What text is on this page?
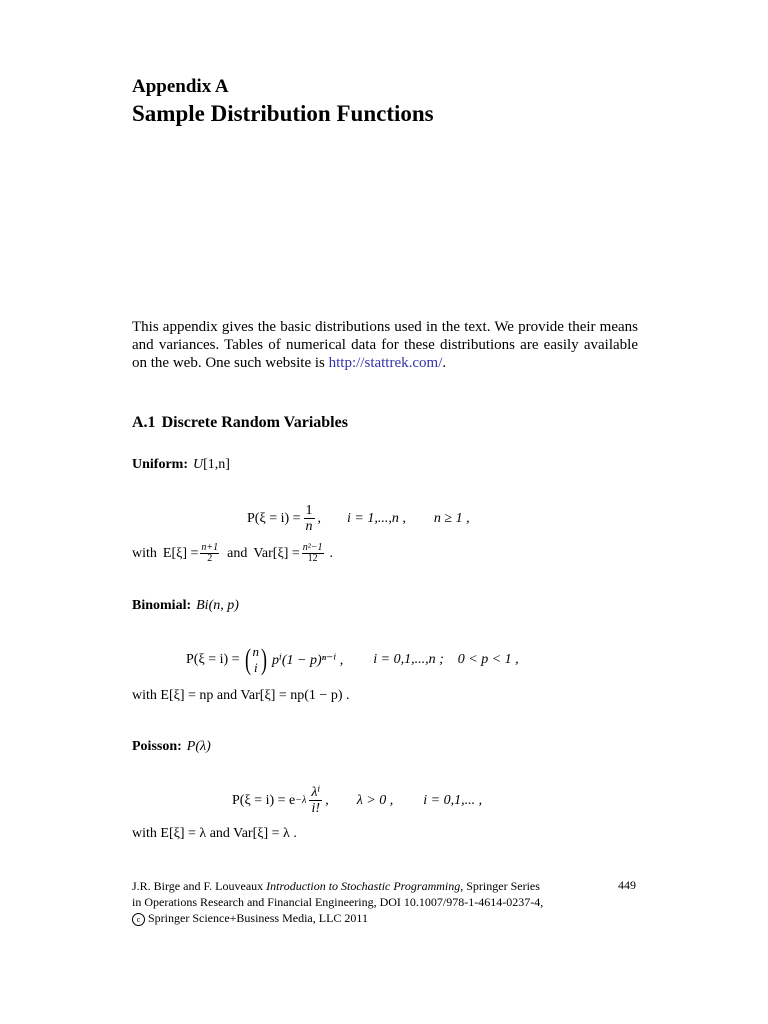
Appendix A
Sample Distribution Functions

This appendix gives the basic distributions used in the text. We provide their means and variances. Tables of numerical data for these distributions are easily available on the web. One such website is http://stattrek.com/.

A.1 Discrete Random Variables
Uniform: U[1,n]
$P(\xi = i) = \frac{1}{n}$ , i = 1,...,n , n ≥ 1 ,
with $E[\xi] = \frac{n+1}{2}$ and $Var[\xi] = \frac{\text{n²−1}}{12}$ .
Binomial: Bi(n, p)
P(ξ = i) = ( n
i ) pⁱ(1 − p)ⁿ⁻ⁱ , i = 0,1,...,n ; 0 < p < 1 ,
with E[ξ] = np and Var[ξ] = np(1 − p) .
Poisson: P(λ)
$P(\xi = i) = e -\lambda \frac{\text{λⁱ}}{i!}$ , λ > 0 , i = 0,1,... ,
with E[ξ] = λ and Var[ξ] = λ .
J.R. Birge and F. Louveaux Introduction to Stochastic Programming, Springer Series
in Operations Research and Financial Engineering, DOI 10.1007/978-1-4614-0237-4,
c Springer Science+Business Media, LLC 2011
449
